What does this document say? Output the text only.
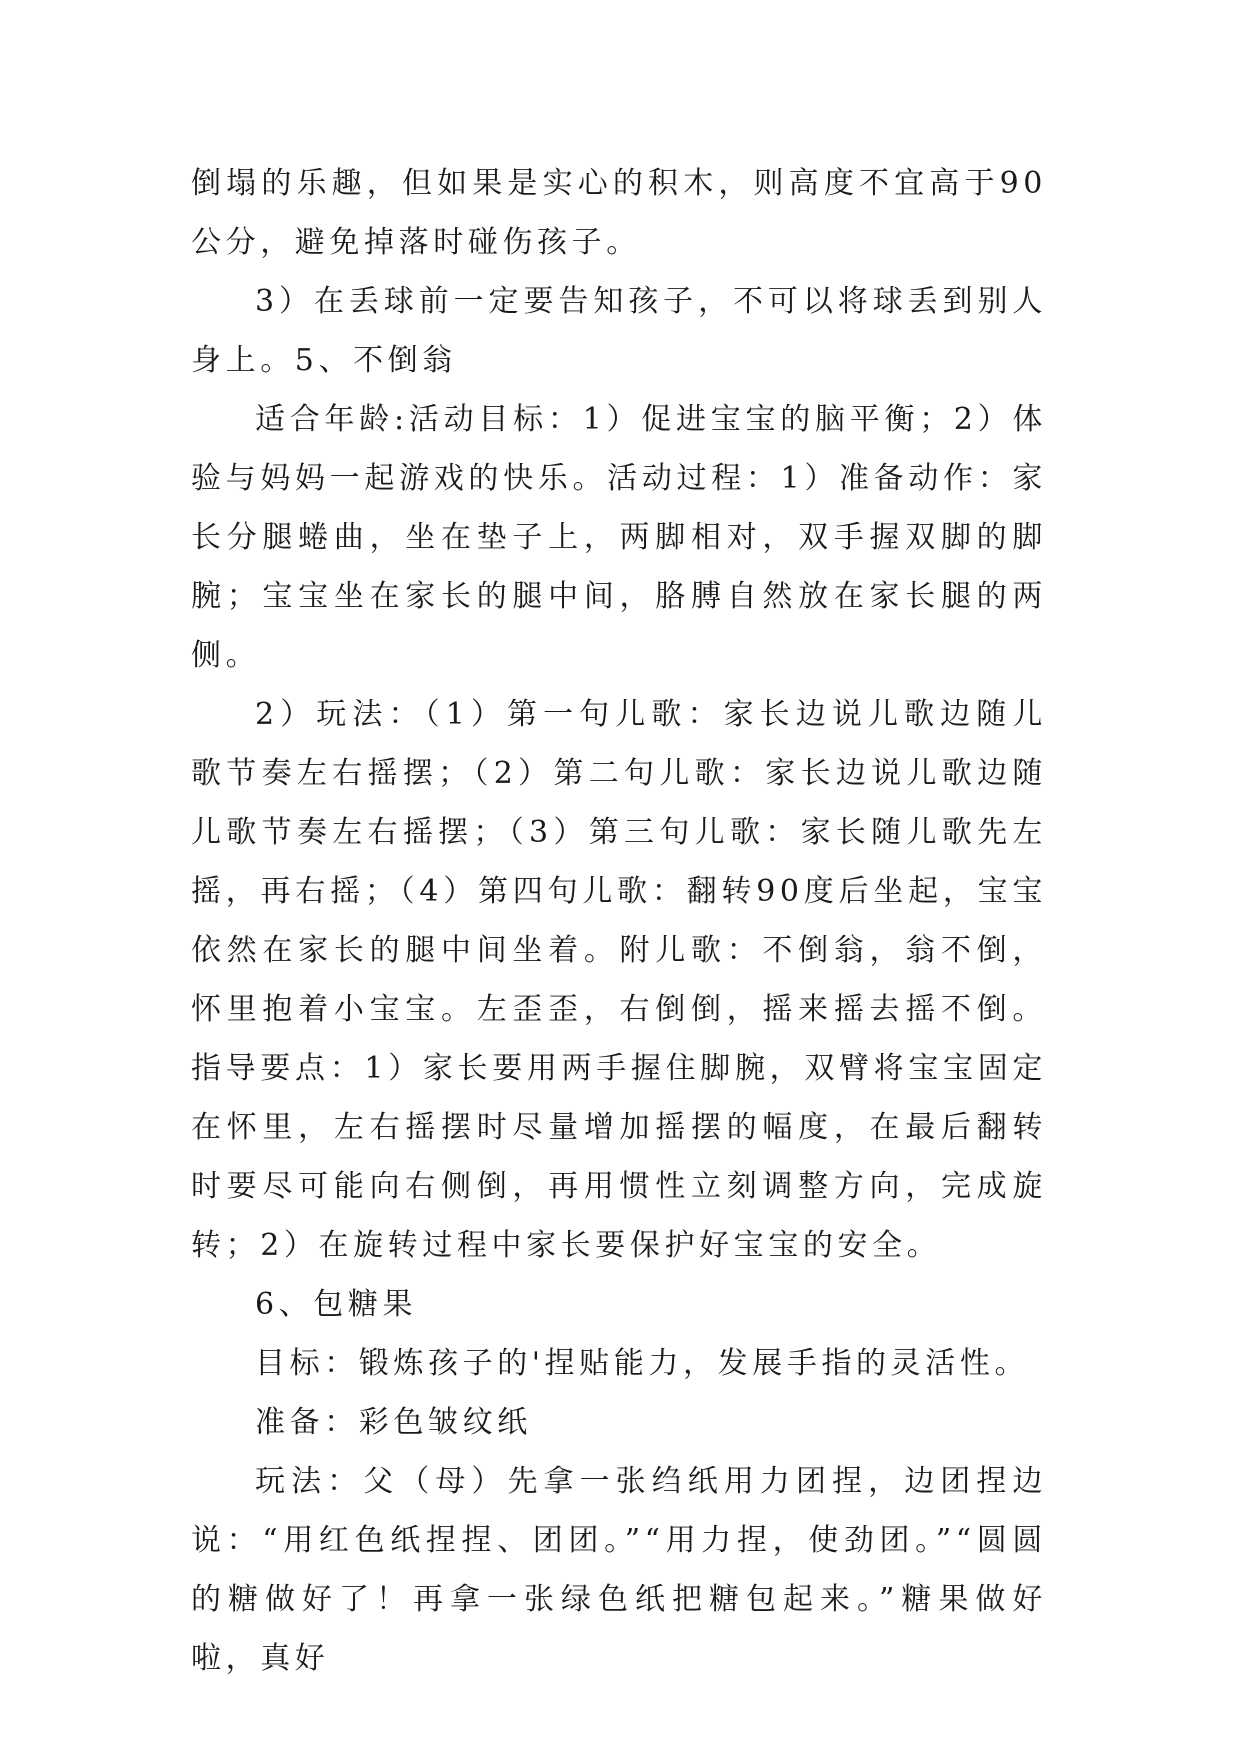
倒塌的乐趣，但如果是实心的积木，则高度不宜高于90公分，避免掉落时碰伤孩子。

3）在丢球前一定要告知孩子，不可以将球丢到别人身上。5、不倒翁

适合年龄:活动目标：1）促进宝宝的脑平衡；2）体验与妈妈一起游戏的快乐。活动过程：1）准备动作：家长分腿蜷曲，坐在垫子上，两脚相对，双手握双脚的脚腕；宝宝坐在家长的腿中间，胳膊自然放在家长腿的两侧。

2）玩法：（1）第一句儿歌：家长边说儿歌边随儿歌节奏左右摇摆；（2）第二句儿歌：家长边说儿歌边随儿歌节奏左右摇摆；（3）第三句儿歌：家长随儿歌先左摇，再右摇；（4）第四句儿歌：翻转90度后坐起，宝宝依然在家长的腿中间坐着。附儿歌：不倒翁，翁不倒，怀里抱着小宝宝。左歪歪，右倒倒，摇来摇去摇不倒。指导要点：1）家长要用两手握住脚腕，双臂将宝宝固定在怀里，左右摇摆时尽量增加摇摆的幅度，在最后翻转时要尽可能向右侧倒，再用惯性立刻调整方向，完成旋转；2）在旋转过程中家长要保护好宝宝的安全。

6、包糖果

目标：锻炼孩子的'捏贴能力，发展手指的灵活性。

准备：彩色皱纹纸

玩法：父（母）先拿一张绉纸用力团捏，边团捏边说：“用红色纸捏捏、团团。”“用力捏，使劲团。”“圆圆的糖做好了！再拿一张绿色纸把糖包起来。”糖果做好啦，真好
